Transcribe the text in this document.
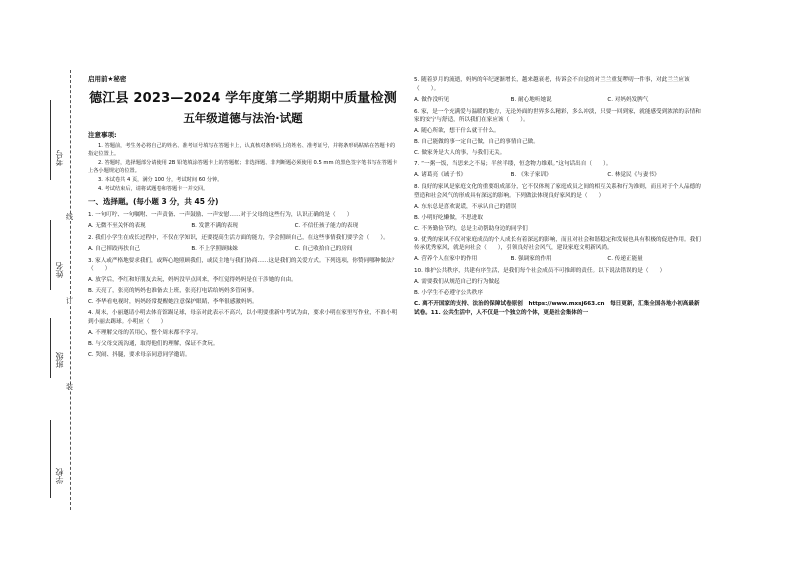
线
订
装
考号
姓名
班级
学校
启用前★秘密
德江县 2023—2024 学年度第二学期期中质量检测
五年级道德与法治·试题
注意事项:
1. 答题前，考生务必将自己的姓名、准考证号填写在答题卡上，认真核对条形码上的姓名、准考证号，并将条形码粘贴在答题卡的指定位置上。
2. 答题时，选择题部分请使用 2B 铅笔填涂答题卡上的答题框；非选择题、非判断题必须使用 0.5 mm 的黑色签字笔书写在答题卡上各小题规定的位置。
3. 本试卷共 4 页，满分 100 分，考试时间 60 分钟。
4. 考试结束后，请将试题卷和答题卡一并交回。
一、选择题。(每小题 3 分，共 45 分)
1. 一句叮咛、一句嘱咐、一声责备、一声鼓励、一声安慰……对于父母的这些行为，认识正确的是（　　）
A. 无微不至关怀的表现	B. 发泄不满的表现	C. 不信任孩子能力的表现
2. 我们小学生在成长过程中，不仅在学知识，还要提高生活方面的能力，学会照顾自己，在这些事情我们要学会（　　）。
A. 自己摔跤再扶自己	B. 不上学照顾妹妹	C. 自己收拾自己的房间
3. 家人或严格地要求我们，或辉心地照顾我们，或民主地与我们协商……这是我们的关爱方式。下列选项，你赞同哪种做法？（　　）
A. 放学后，李红和好朋友去玩，妈妈没早点回来，李红觉得妈妈是在干涉她的自由。
B. 天亮了，张亮的妈妈也准备去上班，张亮打电话给妈妈多管闲事。
C. 李华看电视时，妈妈经常提醒她注意保护眼睛，李华很感激妈妈。
4. 周末，小丽邀请小明去体育馆踢足球，母亲对此表示不高兴，以小明要重新中考试为由，要求小明在家里写作业，不准小明到小丽去踢球。小明应（　　）
A. 不理解父母的苦用心，整个周末都不学习。
B. 与父母交流沟通，取得他们的理解，保证不贪玩。
C. 哭闹、抖腿，要求母亲同意同学邀请。
5. 随着岁月的流逝，妈妈的年纪逐渐增长，越来越衰老，传诉会不自觉的对兰兰重复啰叨一件事，对此兰兰应该（　　）。
A. 做作没听见	B. 耐心地听她说	C. 对妈妈发脾气
6. 家，是一个充满爱与温暖的地方，无论外面的世界多么精彩，多么冲淡，只要一回到家，就能感受到浓浓的亲情和家的安宁与舒适，所以我们在家应该（　　）。
A. 随心所欲，想干什么就干什么。
B. 自己能做的事一定自己做，自己的事情自己做。
C. 做家务是大人的事，与我们无关。
7. “一粥一饭，当思来之不易；半丝半缕，恒念物力维艰。”这句话出自（　　）。
A. 诸葛亮《诫子书》	B. 《朱子家训》	C. 林觉民《与妻书》
8. 良好的家风是家庭文化的重要组成部分，它不仅体现了家庭成员之间的相互关系和行为准则，而且对于个人品德的塑造和社会风气的形成具有深远的影响。下列做法体现良好家风的是（　　）
A. 东东总是喜欢说谎，不承认自己的错误
B. 小明好吃懒做，不思进取
C. 不务勤俭节约，总是主动帮助身边的同学们
9. 优秀的家风不仅对家庭成员的个人成长有着深远的影响，而且对社会和谐稳定和发展也具有积极的促进作用。我们传承优秀家风，就是向社会（　　），引领良好社会风气，建设家庭文明新风尚。
A. 营养个人在家中的作用	B. 强调家的作用	C. 传递正能量
10. 维护公共秩序，共建有序生活，是我们每个社会成员不可推卸的责任。以下说法错误的是（　　）
A. 需要我们从规范自己的行为做起
B. 小学生不必遵守公共秩序
C. 离不开国家的支持、法治的保障试卷原创　https://www.mxsj663.cn　每日更新，汇集全国各地小初高最新试卷。11. 公共生活中，人不仅是一个独立的个体，更是社会集体的一
